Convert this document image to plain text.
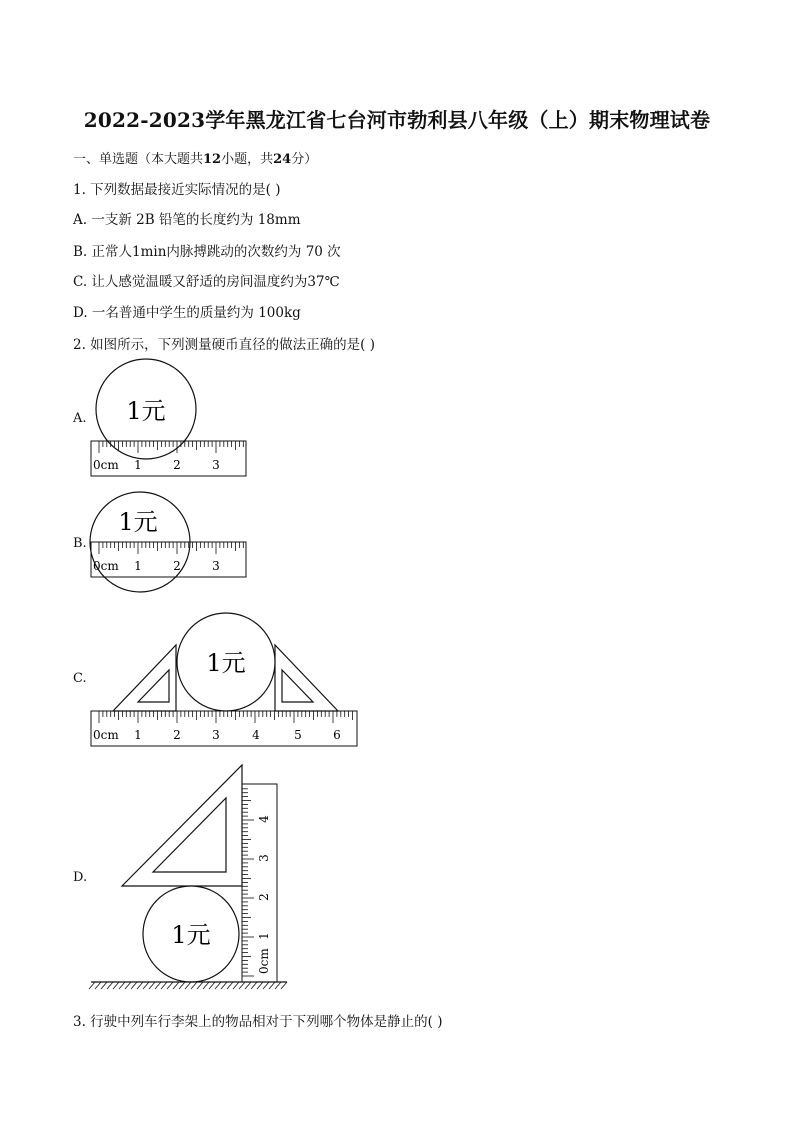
2022-2023学年黑龙江省七台河市勃利县八年级（上）期末物理试卷
一、单选题（本大题共12小题，共24分）
1. 下列数据最接近实际情况的是( )
A. 一支新 2B 铅笔的长度约为 18mm
B. 正常人1min内脉搏跳动的次数约为 70 次
C. 让人感觉温暖又舒适的房间温度约为37℃
D. 一名普通中学生的质量约为 100kg
2. 如图所示，下列测量硬币直径的做法正确的是( )
A.
B.
C.
D.
1元
0cm 1	2	3
0cm 1	2	3
1元
1元
0cm 1	2	3	4	5	6
0cm
1
2
3
4
1元
3. 行驶中列车行李架上的物品相对于下列哪个物体是静止的( )
